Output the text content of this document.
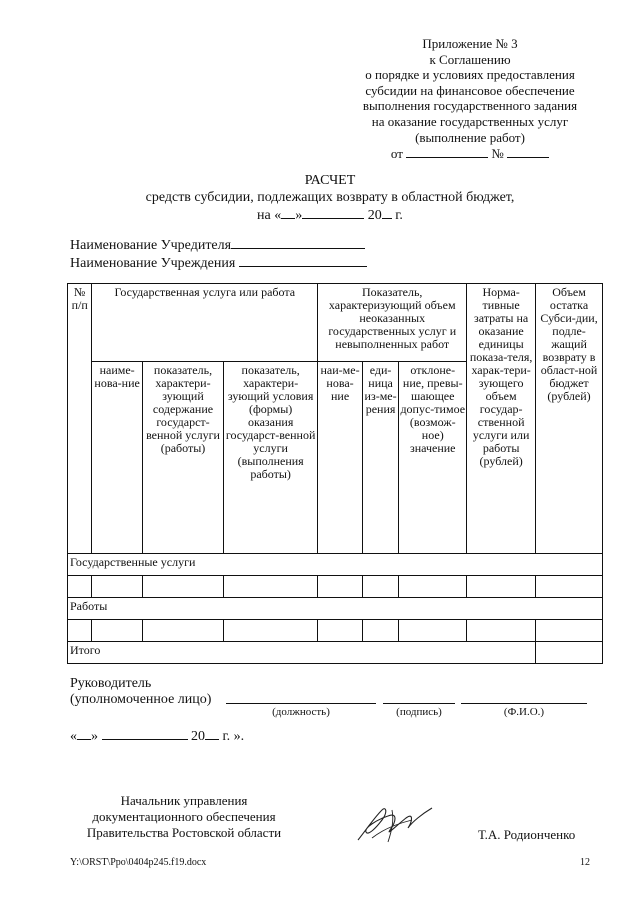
Приложение № 3
к Соглашению
о порядке и условиях предоставления
субсидии на финансовое обеспечение
выполнения государственного задания
на оказание государственных услуг
(выполнение работ)
от	№
РАСЧЕТ
средств субсидии, подлежащих возврату в областной бюджет,
на « »	20 г.
Наименование Учредителя
Наименование Учреждения
№ п/п	Государственная услуга или работа			Показатель, характеризующий объем неоказанных государственных услуг и невыполненных работ			Норма-тивные затраты на оказание единицы показа-теля, харак-тери-зующего объем государ-ственной услуги или работы (рублей)	Объем остатка Субси-дии, подле-жащий возврату в област-ной бюджет (рублей)
	наиме-нова-ние	показатель, характери-зующий содержание государст-венной услуги (работы)	показатель, характери-зующий условия (формы) оказания государст-венной услуги (выполнения работы)	наи-ме-нова-ние	еди-ница из-ме-рения	отклоне-ние, превы-шающее допус-тимое (возмож-ное) значение		
Государственные услуги								

Работы								

Итого								
Руководитель
(уполномоченное лицо)
(должность)	(подпись)	(Ф.И.О.)
« »	20 г. ».
Начальник управления
документационного обеспечения
Правительства Ростовской области	Т.А. Родионченко
Y:\ORST\Ppo\0404p245.f19.docx	12
